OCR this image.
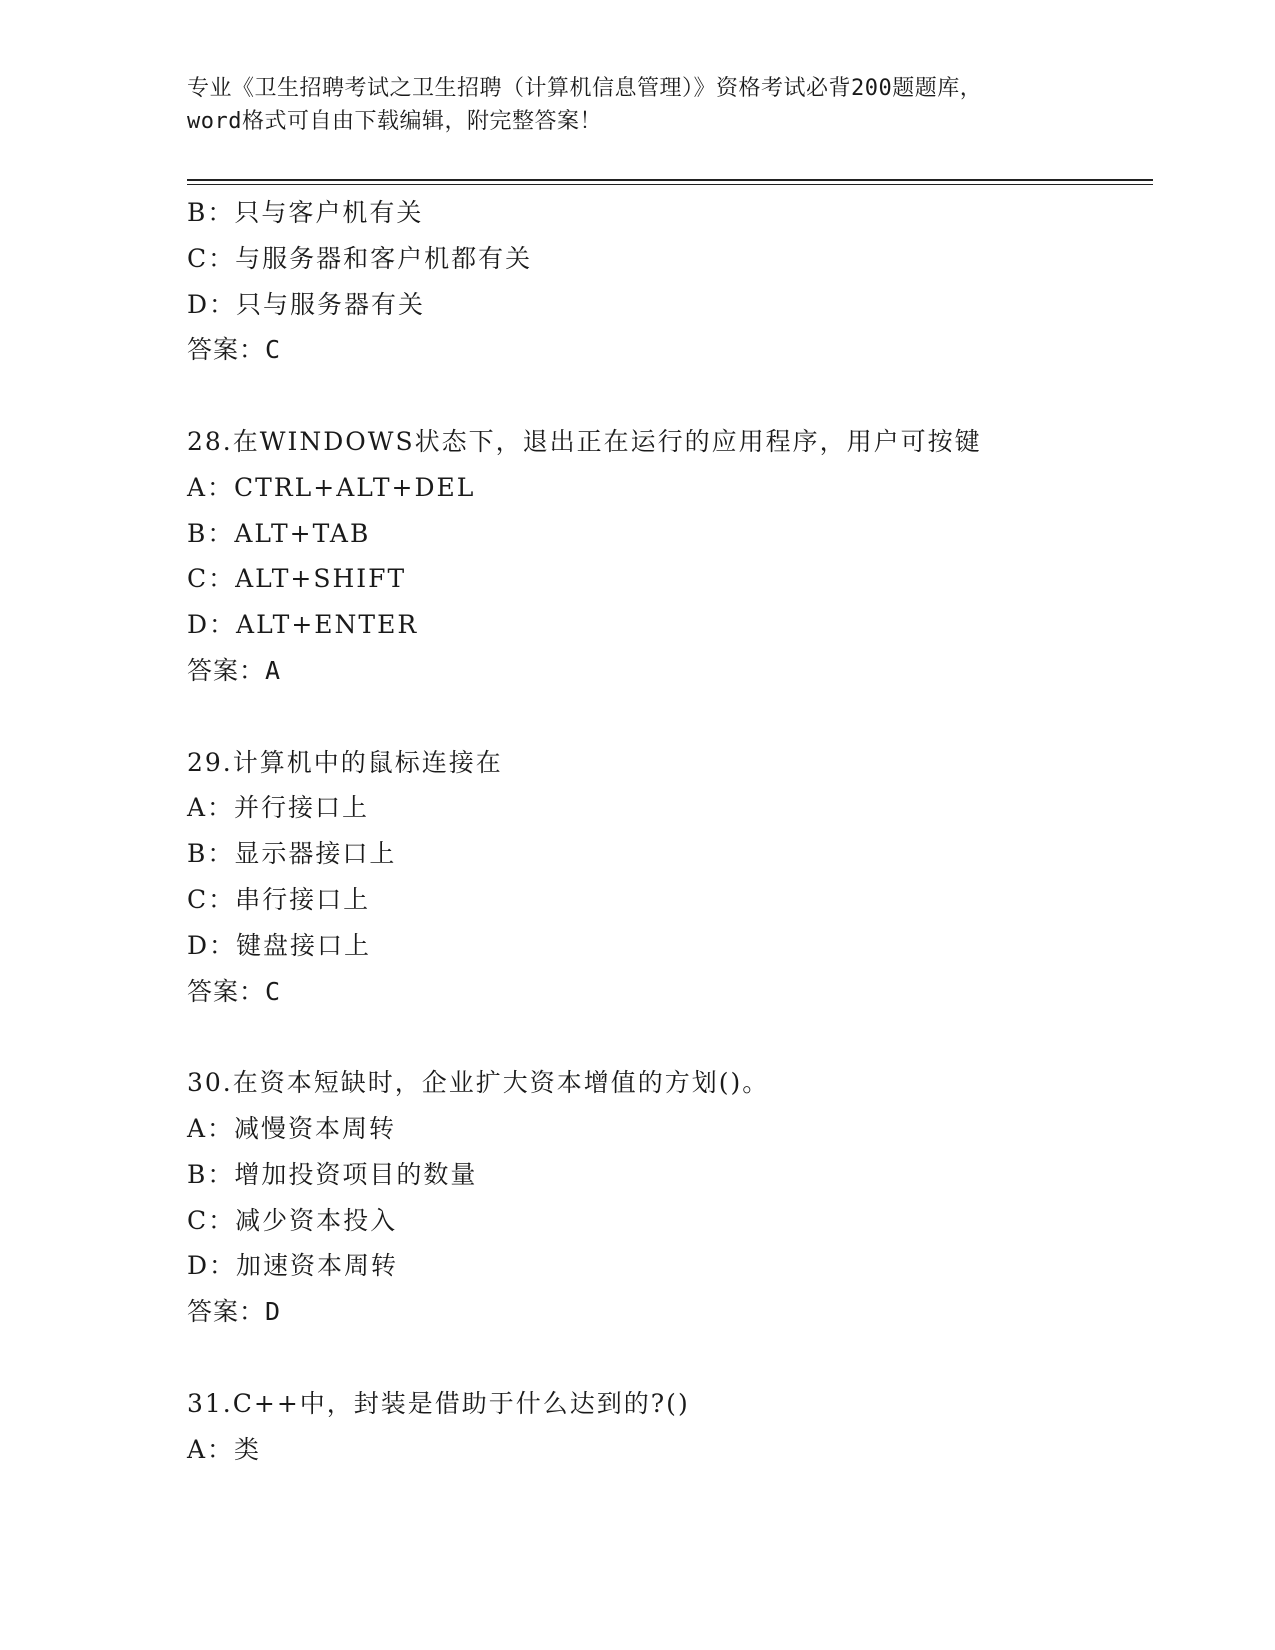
专业《卫生招聘考试之卫生招聘（计算机信息管理）》资格考试必背200题题库，
word格式可自由下载编辑，附完整答案！
B：只与客户机有关
C：与服务器和客户机都有关
D：只与服务器有关
答案：C
28.在WINDOWS状态下，退出正在运行的应用程序，用户可按键
A：CTRL+ALT+DEL
B：ALT+TAB
C：ALT+SHIFT
D：ALT+ENTER
答案：A
29.计算机中的鼠标连接在
A：并行接口上
B：显示器接口上
C：串行接口上
D：键盘接口上
答案：C
30.在资本短缺时，企业扩大资本增值的方划()。
A：减慢资本周转
B：增加投资项目的数量
C：减少资本投入
D：加速资本周转
答案：D
31.C++中，封装是借助于什么达到的?()
A：类
